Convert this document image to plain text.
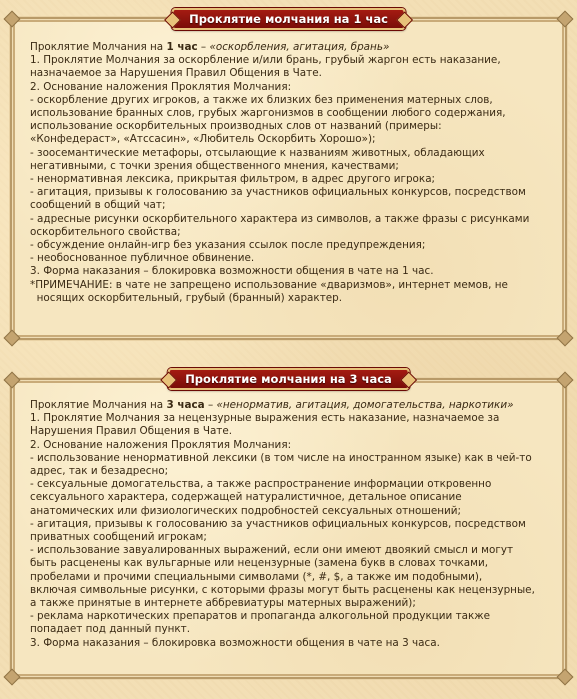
Проклятие Молчания на 1 час – «оскорбления, агитация, брань»
1. Проклятие Молчания за оскорбление и/или брань, грубый жаргон есть наказание,
назначаемое за Нарушения Правил Общения в Чате.
2. Основание наложения Проклятия Молчания:
- оскорбление других игроков, а также их близких без применения матерных слов,
использование бранных слов, грубых жаргонизмов в сообщении любого содержания,
использование оскорбительных производных слов от названий (примеры:
«Конфедераст», «Атссасин», «Любитель Оскорбить Хорошо»);
- зоосемантические метафоры, отсылающие к названиям животных, обладающих
негативными, с точки зрения общественного мнения, качествами;
- ненормативная лексика, прикрытая фильтром, в адрес другого игрока;
- агитация, призывы к голосованию за участников официальных конкурсов, посредством
сообщений в общий чат;
- адресные рисунки оскорбительного характера из символов, а также фразы с рисунками
оскорбительного свойства;
- обсуждение онлайн-игр без указания ссылок после предупреждения;
- необоснованное публичное обвинение.
3. Форма наказания – блокировка возможности общения в чате на 1 час.
*ПРИМЕЧАНИЕ: в чате не запрещено использование «дваризмов», интернет мемов, не
носящих оскорбительный, грубый (бранный) характер.
Проклятие молчания на 1 час
Проклятие Молчания на 3 часа – «ненорматив, агитация, домогательства, наркотики»
1. Проклятие Молчания за нецензурные выражения есть наказание, назначаемое за
Нарушения Правил Общения в Чате.
2. Основание наложения Проклятия Молчания:
- использование ненормативной лексики (в том числе на иностранном языке) как в чей-то
адрес, так и безадресно;
- сексуальные домогательства, а также распространение информации откровенно
сексуального характера, содержащей натуралистичное, детальное описание
анатомических или физиологических подробностей сексуальных отношений;
- агитация, призывы к голосованию за участников официальных конкурсов, посредством
приватных сообщений игрокам;
- использование завуалированных выражений, если они имеют двоякий смысл и могут
быть расценены как вульгарные или нецензурные (замена букв в словах точками,
пробелами и прочими специальными символами (*, #, $, а также им подобными),
включая символьные рисунки, с которыми фразы могут быть расценены как нецензурные,
а также принятые в интернете аббревиатуры матерных выражений);
- реклама наркотических препаратов и пропаганда алкогольной продукции также
попадает под данный пункт.
3. Форма наказания – блокировка возможности общения в чате на 3 часа.
Проклятие молчания на 3 часа
